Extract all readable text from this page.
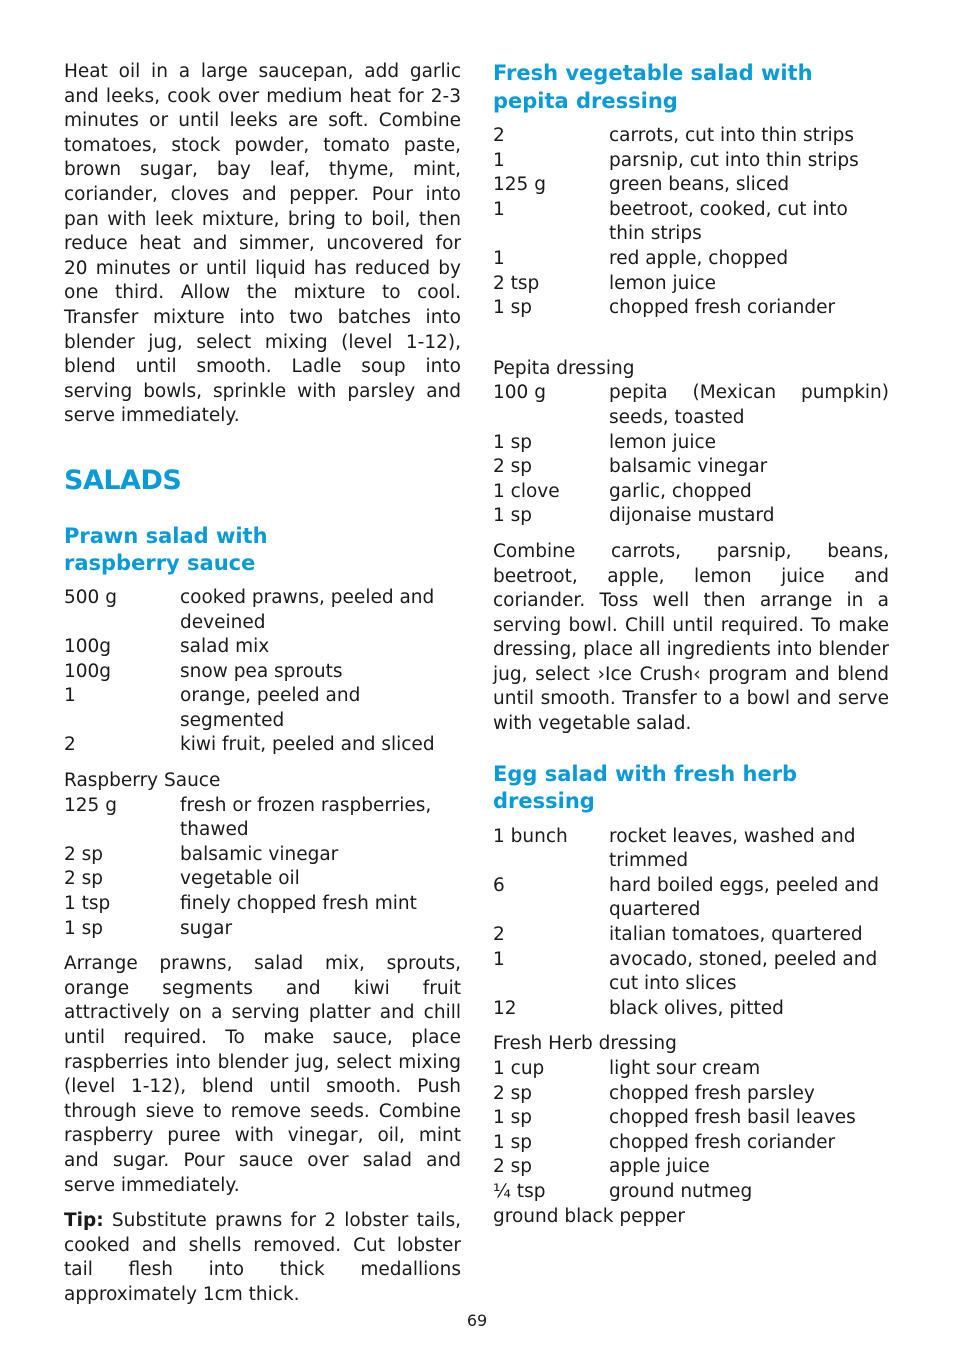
Heat oil in a large saucepan, add garlic and leeks, cook over medium heat for 2-3 minutes or until leeks are soft. Combine tomatoes, stock powder, tomato paste, brown sugar, bay leaf, thyme, mint, coriander, cloves and pepper. Pour into pan with leek mixture, bring to boil, then reduce heat and simmer, uncovered for 20 minutes or until liquid has reduced by one third. Allow the mixture to cool. Transfer mixture into two batches into blender jug, select mixing (level 1-12), blend until smooth. Ladle soup into serving bowls, sprinkle with parsley and serve immediately.

SALADS
Prawn salad with
raspberry sauce
500 g	cooked prawns, peeled and deveined
100g	salad mix
100g	snow pea sprouts
1	orange, peeled and segmented
2	kiwi fruit, peeled and sliced

Raspberry Sauce

125 g	fresh or frozen raspberries, thawed
2 sp	balsamic vinegar
2 sp	vegetable oil
1 tsp	finely chopped fresh mint
1 sp	sugar

Arrange prawns, salad mix, sprouts, orange segments and kiwi fruit attractively on a serving platter and chill until required. To make sauce, place raspberries into blender jug, select mixing (level 1-12), blend until smooth. Push through sieve to remove seeds. Combine raspberry puree with vinegar, oil, mint and sugar. Pour sauce over salad and serve immediately.

Tip: Substitute prawns for 2 lobster tails, cooked and shells removed. Cut lobster tail flesh into thick medallions approximately 1cm thick.

Fresh vegetable salad with
pepita dressing
2	carrots, cut into thin strips
1	parsnip, cut into thin strips
125 g	green beans, sliced
1	beetroot, cooked, cut into thin strips
1	red apple, chopped
2 tsp	lemon juice
1 sp	chopped fresh coriander

Pepita dressing

100 g	pepita (Mexican pumpkin) seeds, toasted
1 sp	lemon juice
2 sp	balsamic vinegar
1 clove	garlic, chopped
1 sp	dijonaise mustard

Combine carrots, parsnip, beans, beetroot, apple, lemon juice and coriander. Toss well then arrange in a serving bowl. Chill until required. To make dressing, place all ingredients into blender jug, select ›Ice Crush‹ program and blend until smooth. Transfer to a bowl and serve with vegetable salad.

Egg salad with fresh herb
dressing
1 bunch	rocket leaves, washed and trimmed
6	hard boiled eggs, peeled and quartered
2	italian tomatoes, quartered
1	avocado, stoned, peeled and cut into slices
12	black olives, pitted

Fresh Herb dressing

1 cup	light sour cream
2 sp	chopped fresh parsley
1 sp	chopped fresh basil leaves
1 sp	chopped fresh coriander
2 sp	apple juice
¼ tsp	ground nutmeg

ground black pepper

69
